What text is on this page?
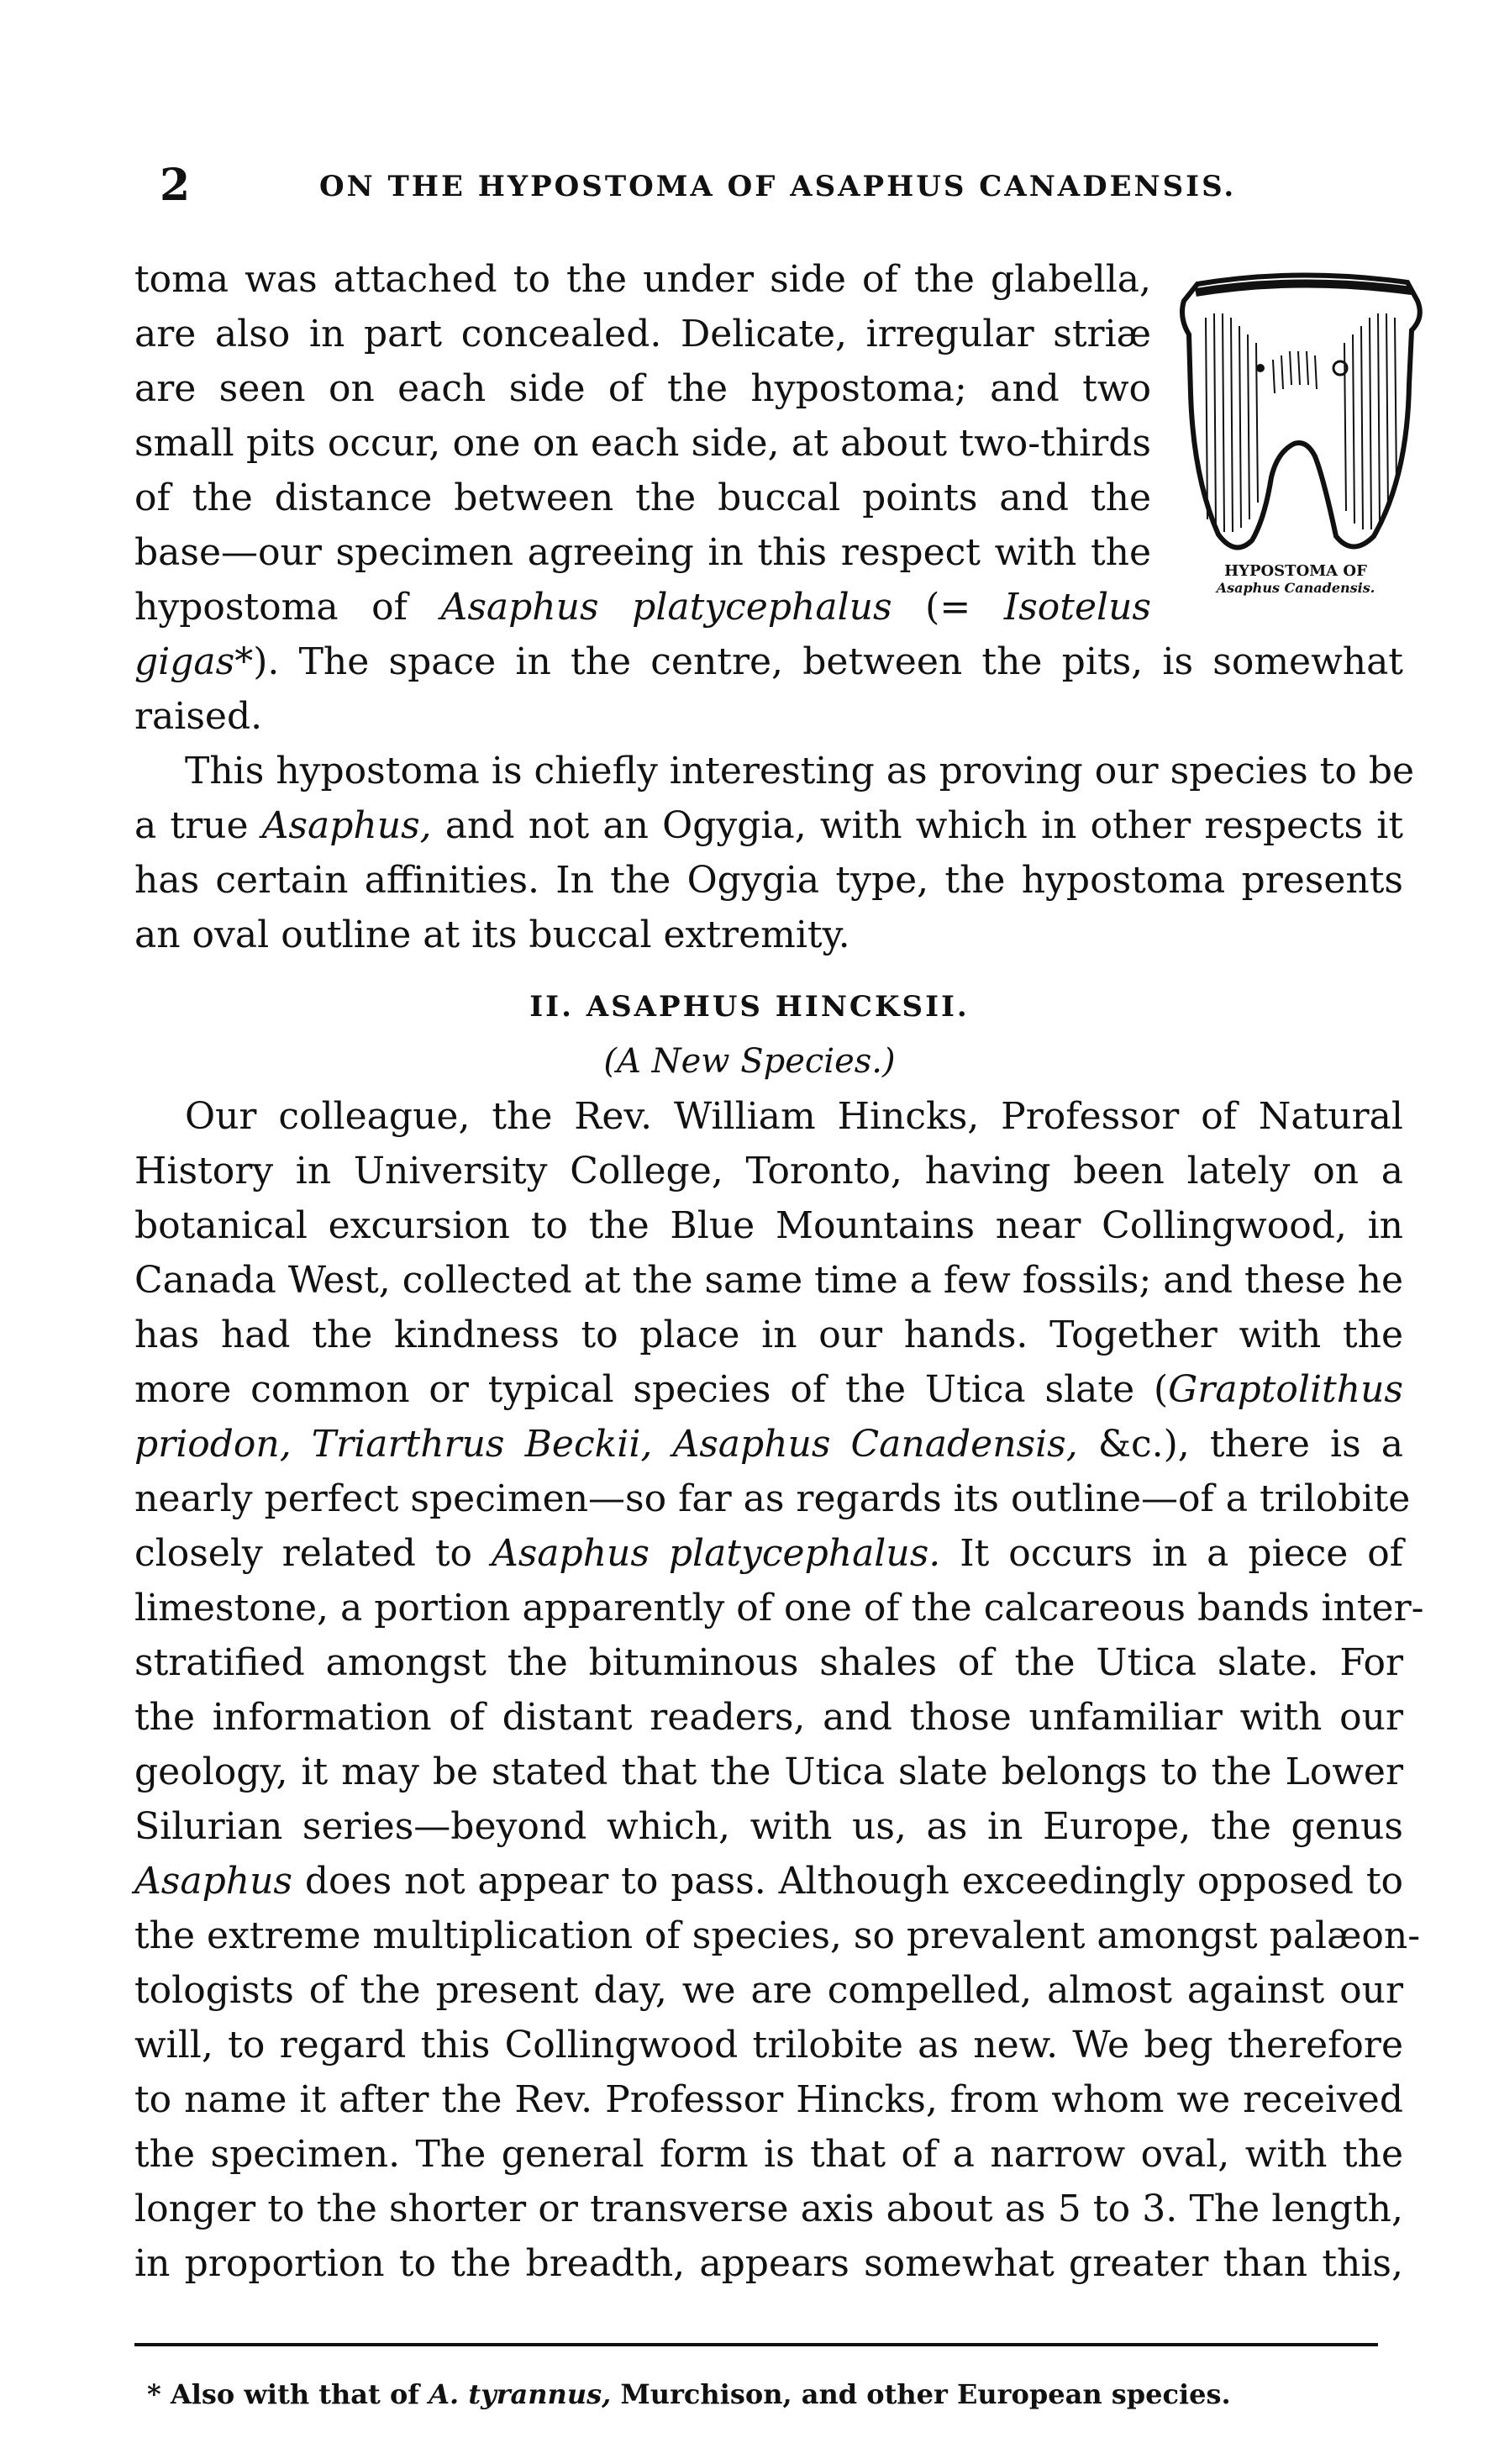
2	ON THE HYPOSTOMA OF ASAPHUS CANADENSIS.
toma was attached to the under side of the glabella,
are also in part concealed. Delicate, irregular striæ
are seen on each side of the hypostoma; and two
small pits occur, one on each side, at about two-thirds
of the distance between the buccal points and the
base—our specimen agreeing in this respect with the
hypostoma of Asaphus platycephalus (= Isotelus
gigas*). The space in the centre, between the pits, is somewhat
raised.
This hypostoma is chiefly interesting as proving our species to be
a true Asaphus, and not an Ogygia, with which in other respects it
has certain affinities. In the Ogygia type, the hypostoma presents
an oval outline at its buccal extremity.
HYPOSTOMA OF
Asaphus Canadensis.
II. ASAPHUS HINCKSII.
(A New Species.)
Our colleague, the Rev. William Hincks, Professor of Natural
History in University College, Toronto, having been lately on a
botanical excursion to the Blue Mountains near Collingwood, in
Canada West, collected at the same time a few fossils; and these he
has had the kindness to place in our hands. Together with the
more common or typical species of the Utica slate (Graptolithus
priodon, Triarthrus Beckii, Asaphus Canadensis, &c.), there is a
nearly perfect specimen—so far as regards its outline—of a trilobite
closely related to Asaphus platycephalus. It occurs in a piece of
limestone, a portion apparently of one of the calcareous bands inter-
stratified amongst the bituminous shales of the Utica slate. For
the information of distant readers, and those unfamiliar with our
geology, it may be stated that the Utica slate belongs to the Lower
Silurian series—beyond which, with us, as in Europe, the genus
Asaphus does not appear to pass. Although exceedingly opposed to
the extreme multiplication of species, so prevalent amongst palæon-
tologists of the present day, we are compelled, almost against our
will, to regard this Collingwood trilobite as new. We beg therefore
to name it after the Rev. Professor Hincks, from whom we received
the specimen. The general form is that of a narrow oval, with the
longer to the shorter or transverse axis about as 5 to 3. The length,
in proportion to the breadth, appears somewhat greater than this,
* Also with that of A. tyrannus, Murchison, and other European species.
